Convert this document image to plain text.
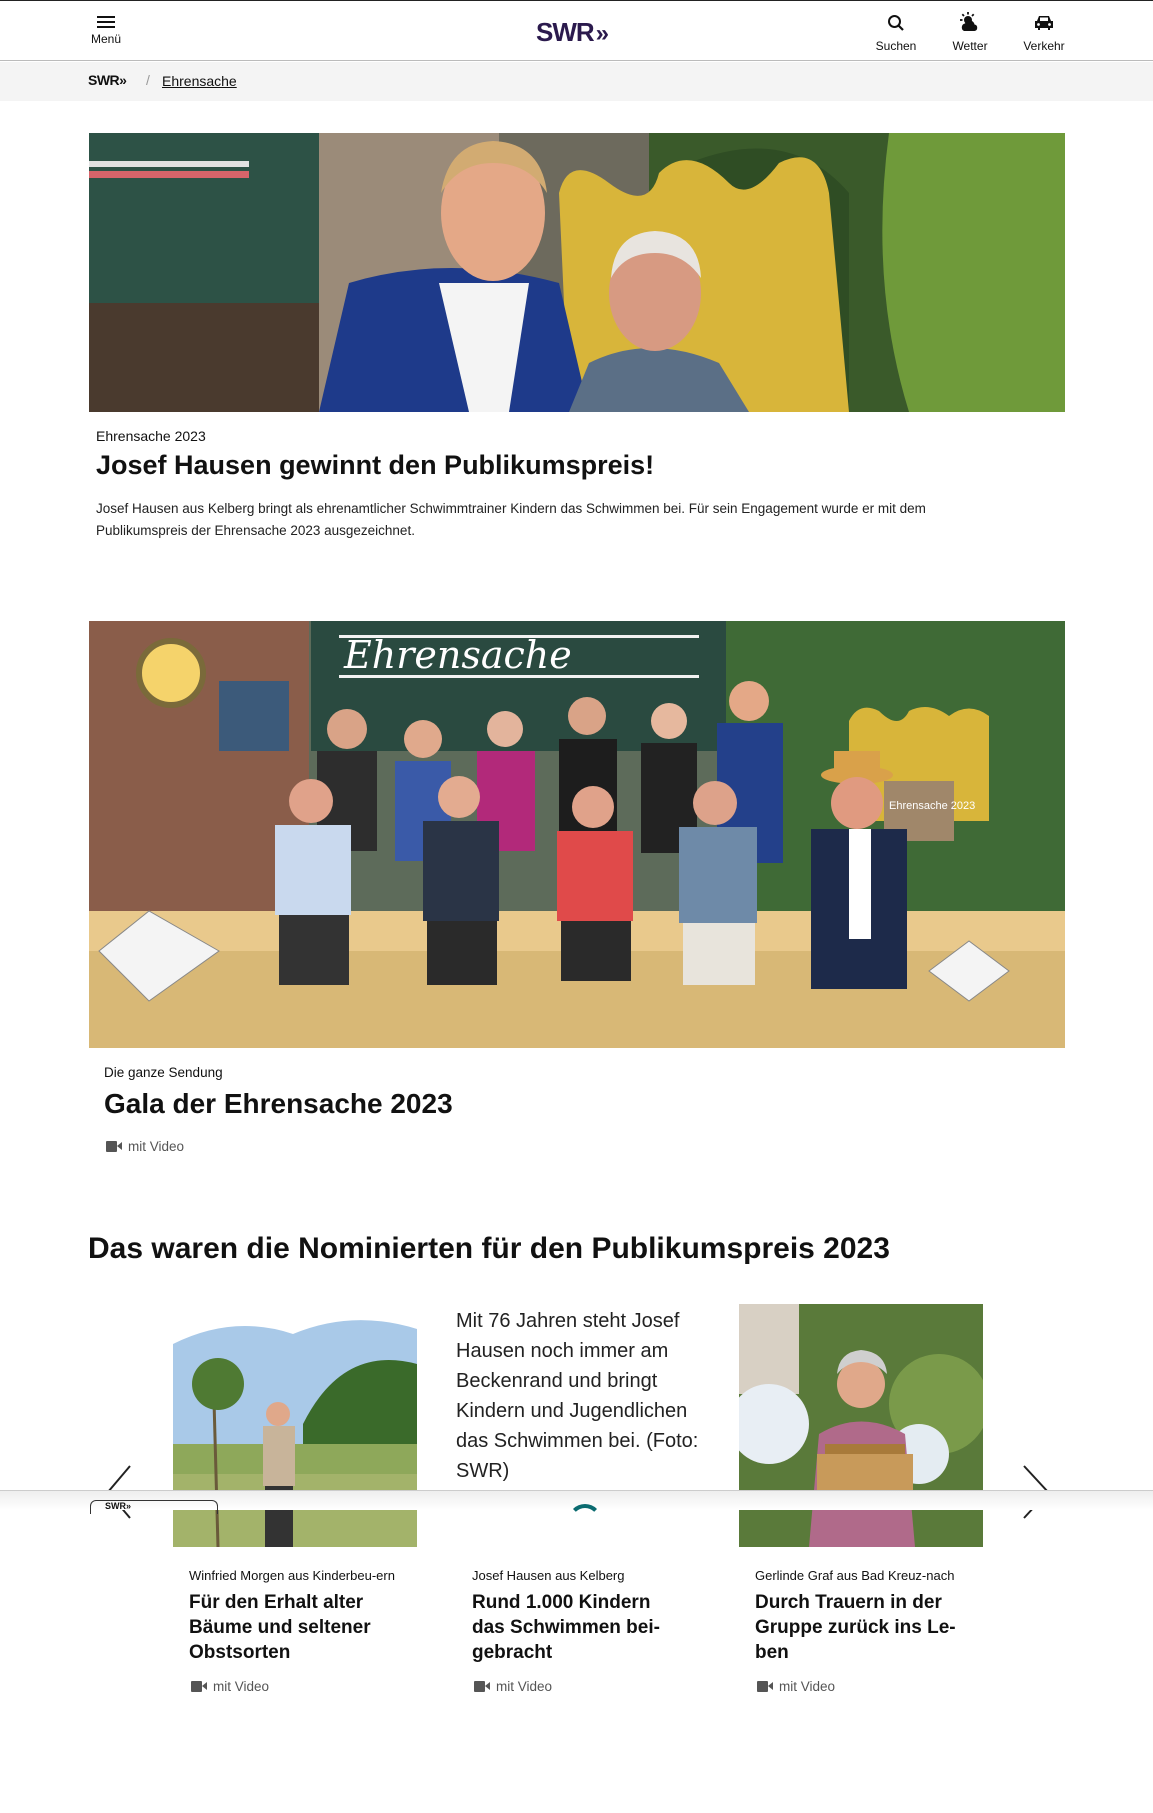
Menü	SWR»	Suchen	Wetter	Verkehr
SWR» / Ehrensache
Ehrensache 2023
Josef Hausen gewinnt den Publikumspreis!
Josef Hausen aus Kelberg bringt als ehrenamtlicher Schwimmtrainer Kindern das Schwimmen bei. Für sein Engagement wurde er mit dem Publikumspreis der Ehrensache 2023 ausgezeichnet.
Ehrensache
Ehrensache 2023
Die ganze Sendung
Gala der Ehrensache 2023
mit Video
Das waren die Nominierten für den Publikumspreis 2023
Winfried Morgen aus Kinderbeu-ern
Für den Erhalt alter Bäume und seltener Obstsorten
mit Video
Mit 76 Jahren steht Josef Hausen noch immer am Beckenrand und bringt Kindern und Jugendlichen das Schwimmen bei. (Foto: SWR)
Josef Hausen aus Kelberg
Rund 1.000 Kindern das Schwimmen bei-gebracht
mit Video
Gerlinde Graf aus Bad Kreuz-nach
Durch Trauern in der Gruppe zurück ins Le-ben
mit Video
SWR»
